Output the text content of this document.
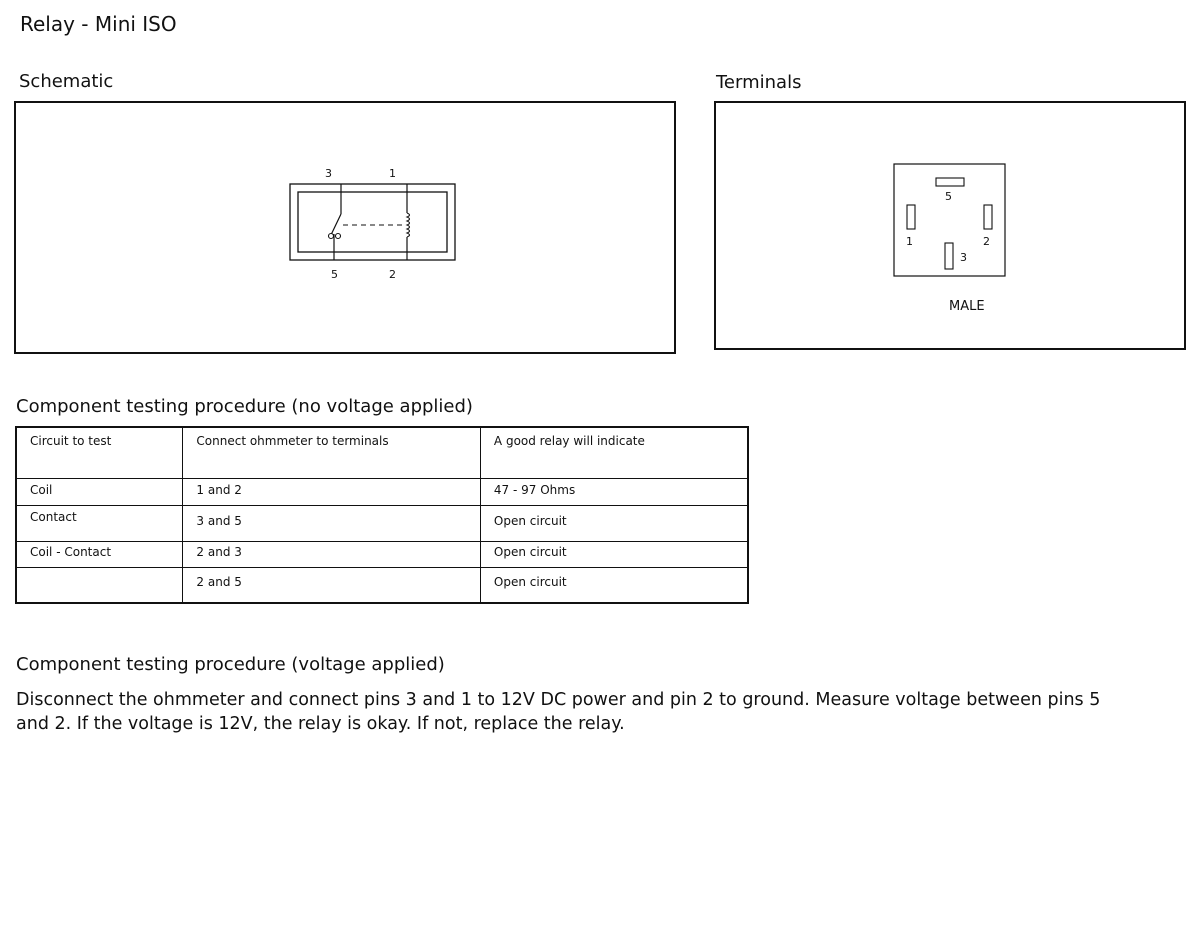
Relay - Mini ISO
Schematic
3	1
5	2
Terminals
5
1	2
3
MALE
Component testing procedure (no voltage applied)
Circuit to test	Connect ohmmeter to terminals	A good relay will indicate
Coil	1 and 2	47 - 97 Ohms
Contact	3 and 5	Open circuit
Coil - Contact	2 and 3	Open circuit
	2 and 5	Open circuit
Component testing procedure (voltage applied)
Disconnect the ohmmeter and connect pins 3 and 1 to 12V DC power and pin 2 to ground. Measure voltage between pins 5 and 2. If the voltage is 12V, the relay is okay. If not, replace the relay.
